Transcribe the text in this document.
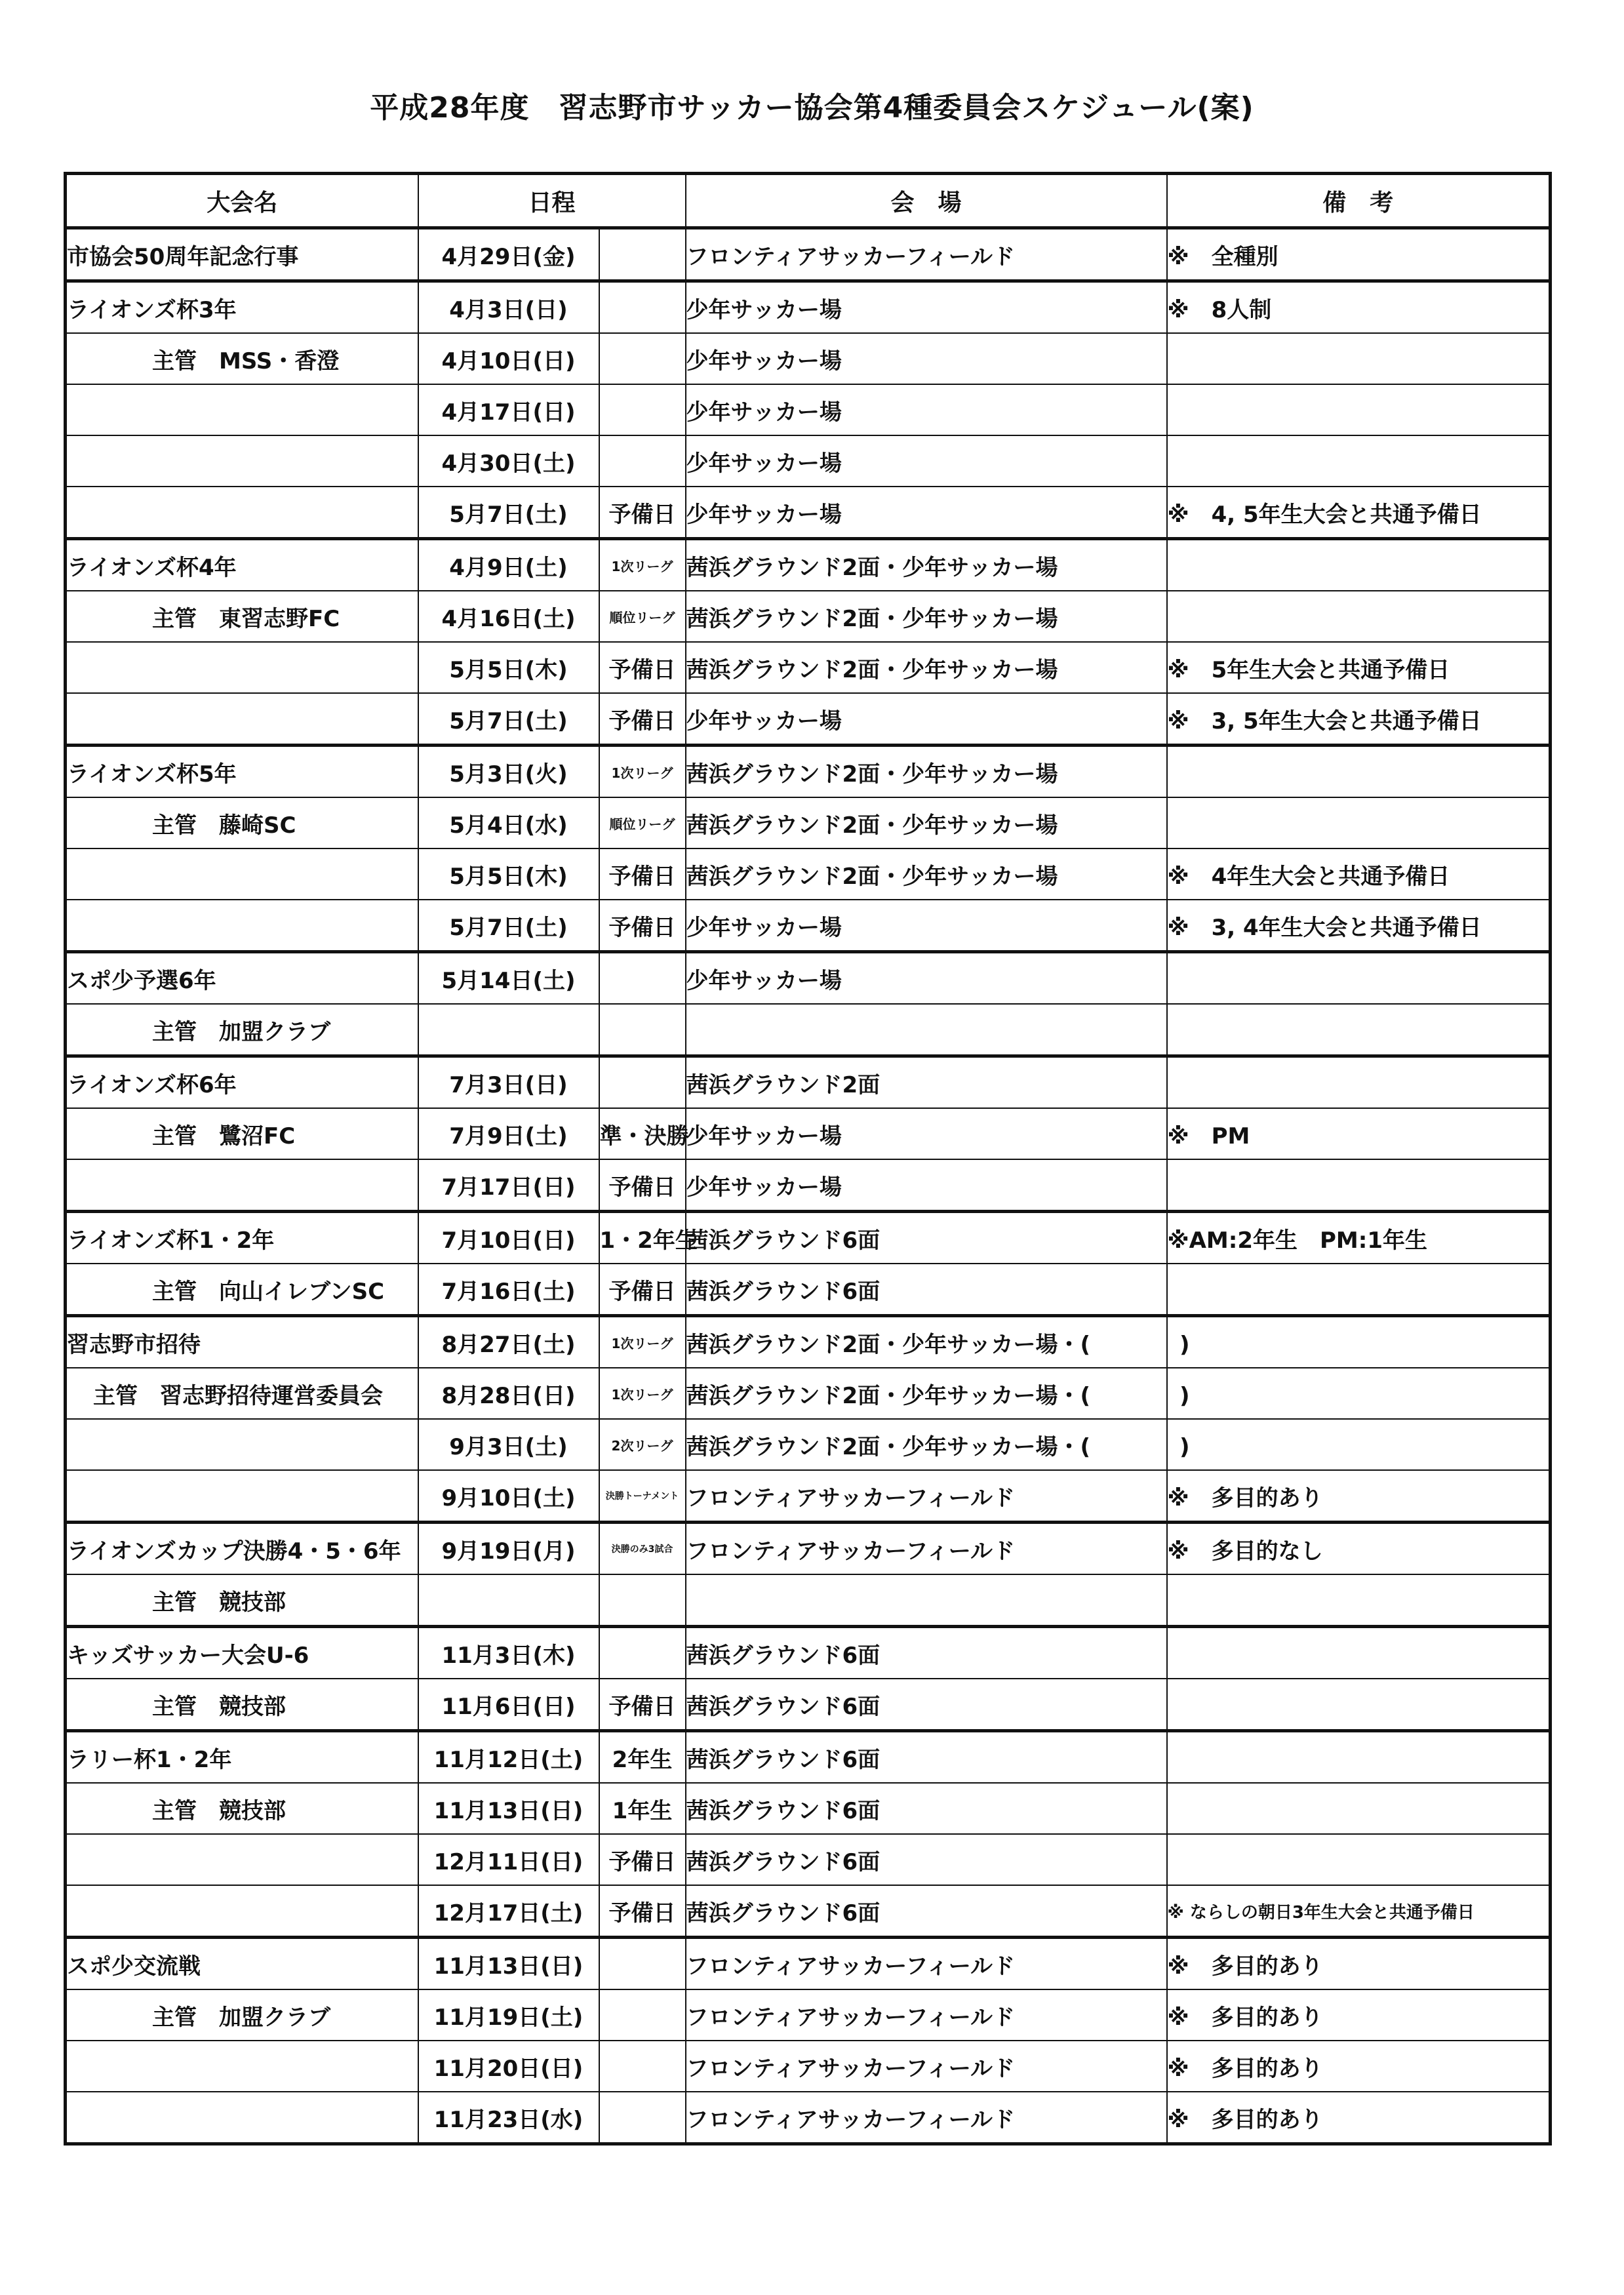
平成28年度　習志野市サッカー協会第4種委員会スケジュール(案)
大会名	日程		会　場	備　考
市協会50周年記念行事	4月29日(金)		フロンティアサッカーフィールド	※　全種別
ライオンズ杯3年	4月3日(日)		少年サッカー場	※　8人制
主管　MSS・香澄	4月10日(日)		少年サッカー場	
	4月17日(日)		少年サッカー場	
	4月30日(土)		少年サッカー場	
	5月7日(土)	予備日	少年サッカー場	※　4, 5年生大会と共通予備日
ライオンズ杯4年	4月9日(土)	1次リーグ	茜浜グラウンド2面・少年サッカー場	
主管　東習志野FC	4月16日(土)	順位リーグ	茜浜グラウンド2面・少年サッカー場	
	5月5日(木)	予備日	茜浜グラウンド2面・少年サッカー場	※　5年生大会と共通予備日
	5月7日(土)	予備日	少年サッカー場	※　3, 5年生大会と共通予備日
ライオンズ杯5年	5月3日(火)	1次リーグ	茜浜グラウンド2面・少年サッカー場	
主管　藤崎SC	5月4日(水)	順位リーグ	茜浜グラウンド2面・少年サッカー場	
	5月5日(木)	予備日	茜浜グラウンド2面・少年サッカー場	※　4年生大会と共通予備日
	5月7日(土)	予備日	少年サッカー場	※　3, 4年生大会と共通予備日
スポ少予選6年	5月14日(土)		少年サッカー場	
主管　加盟クラブ				
ライオンズ杯6年	7月3日(日)		茜浜グラウンド2面	
主管　鷺沼FC	7月9日(土)	準・決勝	少年サッカー場	※　PM
	7月17日(日)	予備日	少年サッカー場	
ライオンズ杯1・2年	7月10日(日)	1・2年生	茜浜グラウンド6面	※AM:2年生　PM:1年生
主管　向山イレブンSC	7月16日(土)	予備日	茜浜グラウンド6面	
習志野市招待	8月27日(土)	1次リーグ	茜浜グラウンド2面・少年サッカー場・(　　　　)	
主管　習志野招待運営委員会	8月28日(日)	1次リーグ	茜浜グラウンド2面・少年サッカー場・(　　　　)	
	9月3日(土)	2次リーグ	茜浜グラウンド2面・少年サッカー場・(　　　　)	
	9月10日(土)	決勝トーナメント	フロンティアサッカーフィールド	※　多目的あり
ライオンズカップ決勝4・5・6年	9月19日(月)	決勝のみ3試合	フロンティアサッカーフィールド	※　多目的なし
主管　競技部				
キッズサッカー大会U-6	11月3日(木)		茜浜グラウンド6面	
主管　競技部	11月6日(日)	予備日	茜浜グラウンド6面	
ラリー杯1・2年	11月12日(土)	2年生	茜浜グラウンド6面	
主管　競技部	11月13日(日)	1年生	茜浜グラウンド6面	
	12月11日(日)	予備日	茜浜グラウンド6面	
	12月17日(土)	予備日	茜浜グラウンド6面	※ ならしの朝日3年生大会と共通予備日
スポ少交流戦	11月13日(日)		フロンティアサッカーフィールド	※　多目的あり
主管　加盟クラブ	11月19日(土)		フロンティアサッカーフィールド	※　多目的あり
	11月20日(日)		フロンティアサッカーフィールド	※　多目的あり
	11月23日(水)		フロンティアサッカーフィールド	※　多目的あり
